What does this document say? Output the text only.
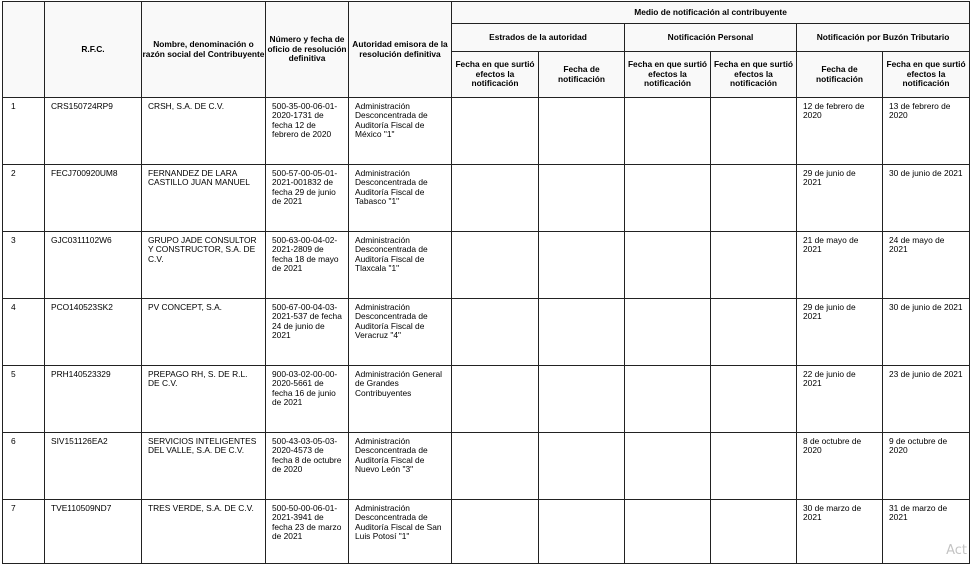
	R.F.C.	Nombre, denominación o razón social del Contribuyente	Número y fecha de oficio de resolución definitiva	Autoridad emisora de la resolución definitiva	Medio de notificación al contribuyente					
					Estrados de la autoridad		Notificación Personal		Notificación por Buzón Tributario	
					Fecha en que surtió efectos la notificación	Fecha de notificación	Fecha en que surtió efectos la notificación	Fecha en que surtió efectos la notificación	Fecha de notificación	Fecha en que surtió efectos la notificación
1	CRS150724RP9	CRSH, S.A. DE C.V.	500-35-00-06-01-2020-1731 de fecha 12 de febrero de 2020	Administración Desconcentrada de Auditoría Fiscal de México "1"					12 de febrero de 2020	13 de febrero de 2020
2	FECJ700920UM8	FERNANDEZ DE LARA CASTILLO JUAN MANUEL	500-57-00-05-01-2021-001832 de fecha 29 de junio de 2021	Administración Desconcentrada de Auditoría Fiscal de Tabasco "1"					29 de junio de 2021	30 de junio de 2021
3	GJC0311102W6	GRUPO JADE CONSULTOR Y CONSTRUCTOR, S.A. DE C.V.	500-63-00-04-02-2021-2809 de fecha 18 de mayo de 2021	Administración Desconcentrada de Auditoría Fiscal de Tlaxcala "1"					21 de mayo de 2021	24 de mayo de 2021
4	PCO140523SK2	PV CONCEPT, S.A.	500-67-00-04-03-2021-537 de fecha 24 de junio de 2021	Administración Desconcentrada de Auditoría Fiscal de Veracruz "4"					29 de junio de 2021	30 de junio de 2021
5	PRH140523329	PREPAGO RH, S. DE R.L. DE C.V.	900-03-02-00-00-2020-5661 de fecha 16 de junio de 2021	Administración General de Grandes Contribuyentes					22 de junio de 2021	23 de junio de 2021
6	SIV151126EA2	SERVICIOS INTELIGENTES DEL VALLE, S.A. DE C.V.	500-43-03-05-03-2020-4573 de fecha 8 de octubre de 2020	Administración Desconcentrada de Auditoría Fiscal de Nuevo León "3"					8 de octubre de 2020	9 de octubre de 2020
7	TVE110509ND7	TRES VERDE, S.A. DE C.V.	500-50-00-06-01-2021-3941 de fecha 23 de marzo de 2021	Administración Desconcentrada de Auditoría Fiscal de San Luis Potosí "1"					30 de marzo de 2021	31 de marzo de 2021
Act
